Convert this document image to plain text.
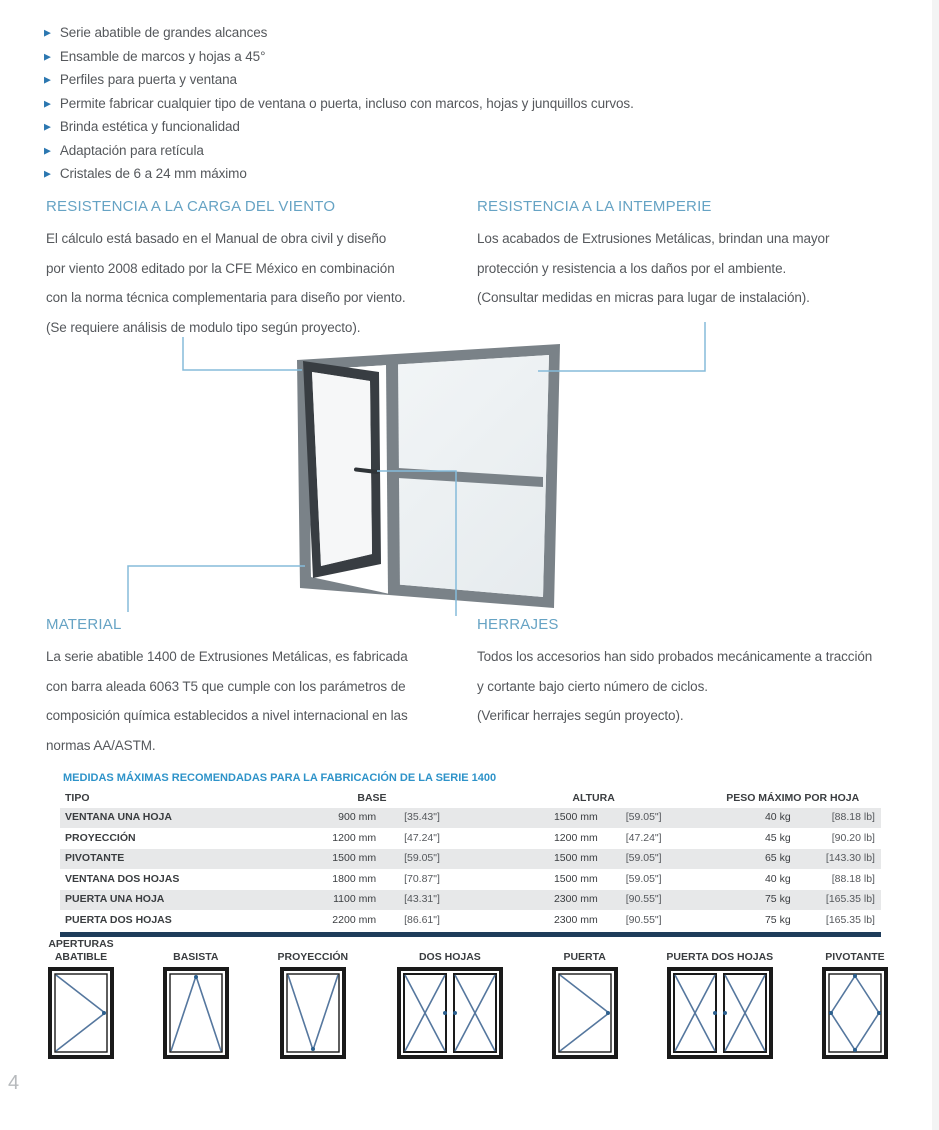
▶ Serie abatible de grandes alcances
▶ Ensamble de marcos y hojas a 45°
▶ Perfiles para puerta y ventana
▶ Permite fabricar cualquier tipo de ventana o puerta, incluso con marcos, hojas y junquillos curvos.
▶ Brinda estética y funcionalidad
▶ Adaptación para retícula
▶ Cristales de 6 a 24 mm máximo
RESISTENCIA A LA CARGA DEL VIENTO
El cálculo está basado en el Manual de obra civil y diseño
por viento 2008 editado por la CFE México en combinación
con la norma técnica complementaria para diseño por viento.
(Se requiere análisis de modulo tipo según proyecto).
RESISTENCIA A LA INTEMPERIE
Los acabados de Extrusiones Metálicas, brindan una mayor
protección y resistencia a los daños por el ambiente.
(Consultar medidas en micras para lugar de instalación).
MATERIAL
La serie abatible 1400 de Extrusiones Metálicas, es fabricada
con barra aleada 6063 T5 que cumple con los parámetros de
composición química establecidos a nivel internacional en las
normas AA/ASTM.
HERRAJES
Todos los accesorios han sido probados mecánicamente a tracción
y cortante bajo cierto número de ciclos.
(Verificar herrajes según proyecto).
MEDIDAS MÁXIMAS RECOMENDADAS PARA LA FABRICACIÓN DE LA SERIE 1400
TIPO	BASE	ALTURA	PESO MÁXIMO POR HOJA
VENTANA UNA HOJA	900 mm	[35.43"]	1500 mm	[59.05"]	40 kg	[88.18 lb]
PROYECCIÓN	1200 mm	[47.24"]	1200 mm	[47.24"]	45 kg	[90.20 lb]
PIVOTANTE	1500 mm	[59.05"]	1500 mm	[59.05"]	65 kg	[143.30 lb]
VENTANA DOS HOJAS	1800 mm	[70.87"]	1500 mm	[59.05"]	40 kg	[88.18 lb]
PUERTA UNA HOJA	1100 mm	[43.31"]	2300 mm	[90.55"]	75 kg	[165.35 lb]
PUERTA DOS HOJAS	2200 mm	[86.61"]	2300 mm	[90.55"]	75 kg	[165.35 lb]
APERTURAS
ABATIBLE	BASISTA	PROYECCIÓN	DOS HOJAS	PUERTA	PUERTA DOS HOJAS	PIVOTANTE
4
